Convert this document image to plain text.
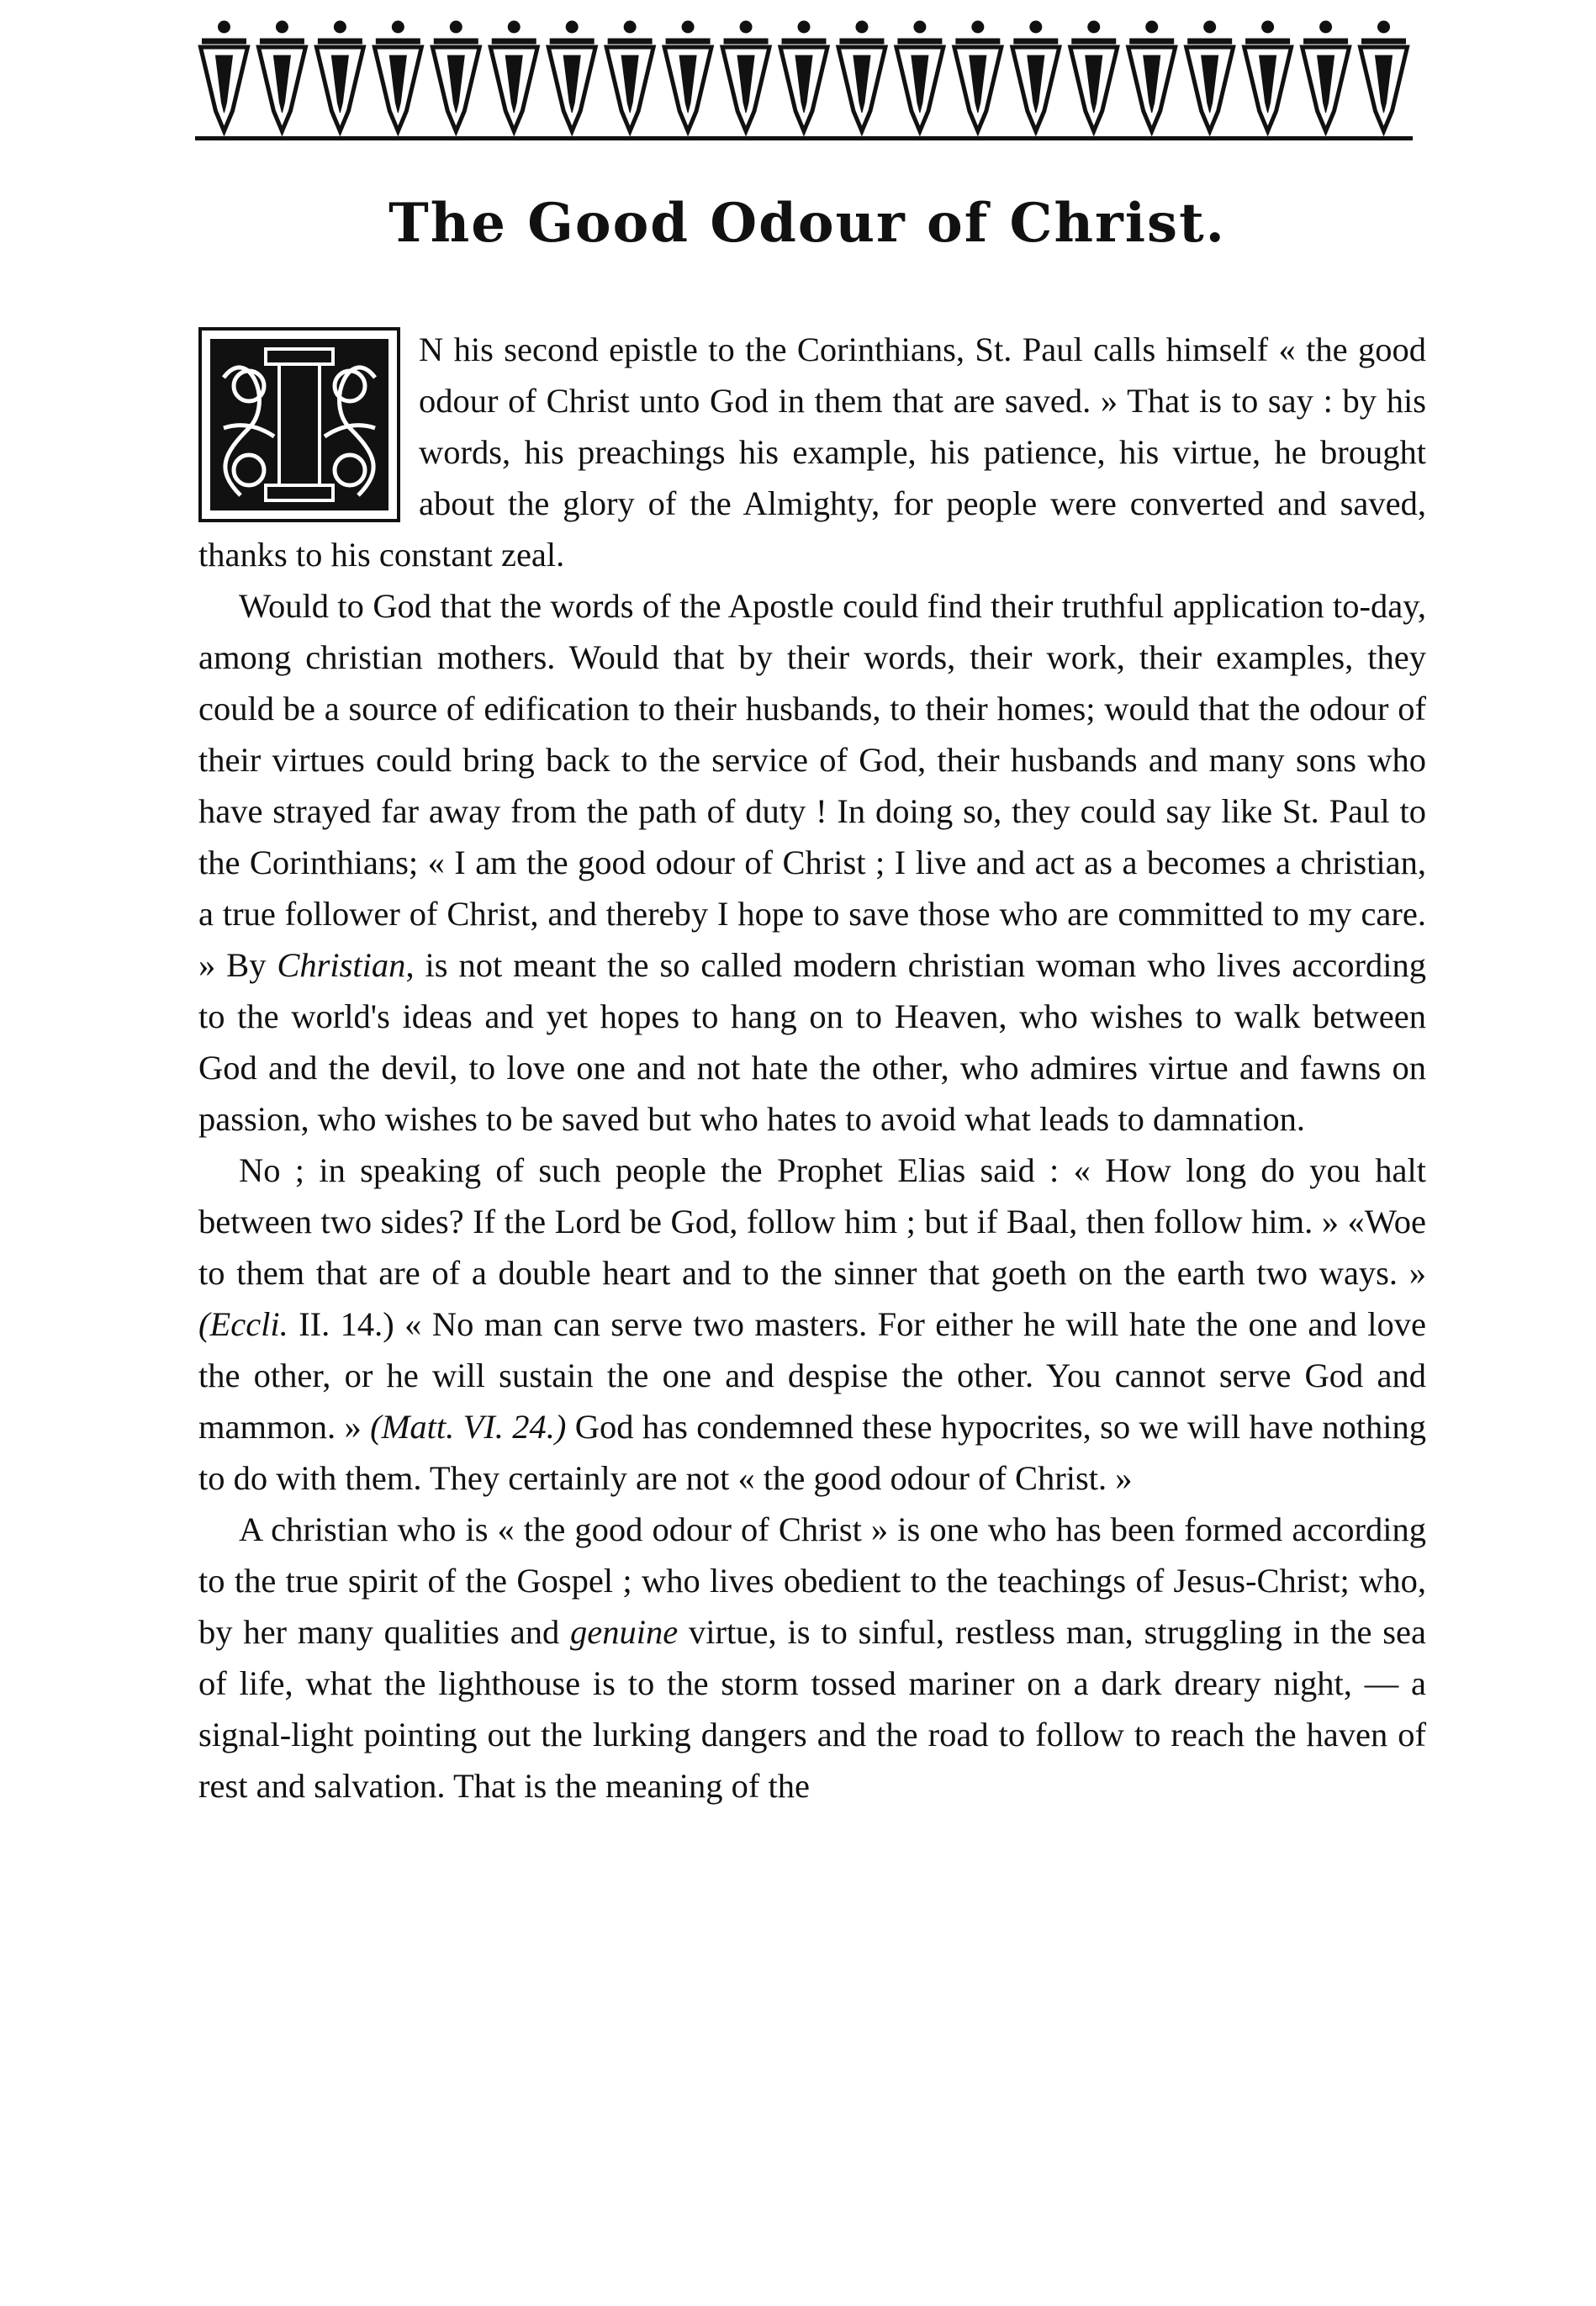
The Good Odour of Christ.

N his second epistle to the Corinthians, St. Paul calls himself « the good odour of Christ unto God in them that are saved. » That is to say : by his words, his preachings his example, his patience, his virtue, he brought about the glory of the Almighty, for people were converted and saved, thanks to his constant zeal.

Would to God that the words of the Apostle could find their truthful application to-day, among christian mothers. Would that by their words, their work, their examples, they could be a source of edification to their husbands, to their homes; would that the odour of their virtues could bring back to the service of God, their husbands and many sons who have strayed far away from the path of duty ! In doing so, they could say like St. Paul to the Corinthians; « I am the good odour of Christ ; I live and act as a becomes a christian, a true follower of Christ, and thereby I hope to save those who are committed to my care. » By Christian, is not meant the so called modern christian woman who lives according to the world's ideas and yet hopes to hang on to Heaven, who wishes to walk between God and the devil, to love one and not hate the other, who admires virtue and fawns on passion, who wishes to be saved but who hates to avoid what leads to damnation.

No ; in speaking of such people the Prophet Elias said : « How long do you halt between two sides? If the Lord be God, follow him ; but if Baal, then follow him. » «Woe to them that are of a double heart and to the sinner that goeth on the earth two ways. » (Eccli. II. 14.) « No man can serve two masters. For either he will hate the one and love the other, or he will sustain the one and despise the other. You cannot serve God and mammon. » (Matt. VI. 24.) God has condemned these hypocrites, so we will have nothing to do with them. They certainly are not « the good odour of Christ. »

A christian who is « the good odour of Christ » is one who has been formed according to the true spirit of the Gospel ; who lives obedient to the teachings of Jesus-Christ; who, by her many qualities and genuine virtue, is to sinful, restless man, struggling in the sea of life, what the lighthouse is to the storm tossed mariner on a dark dreary night, — a signal-light pointing out the lurking dangers and the road to follow to reach the haven of rest and salvation. That is the meaning of the
